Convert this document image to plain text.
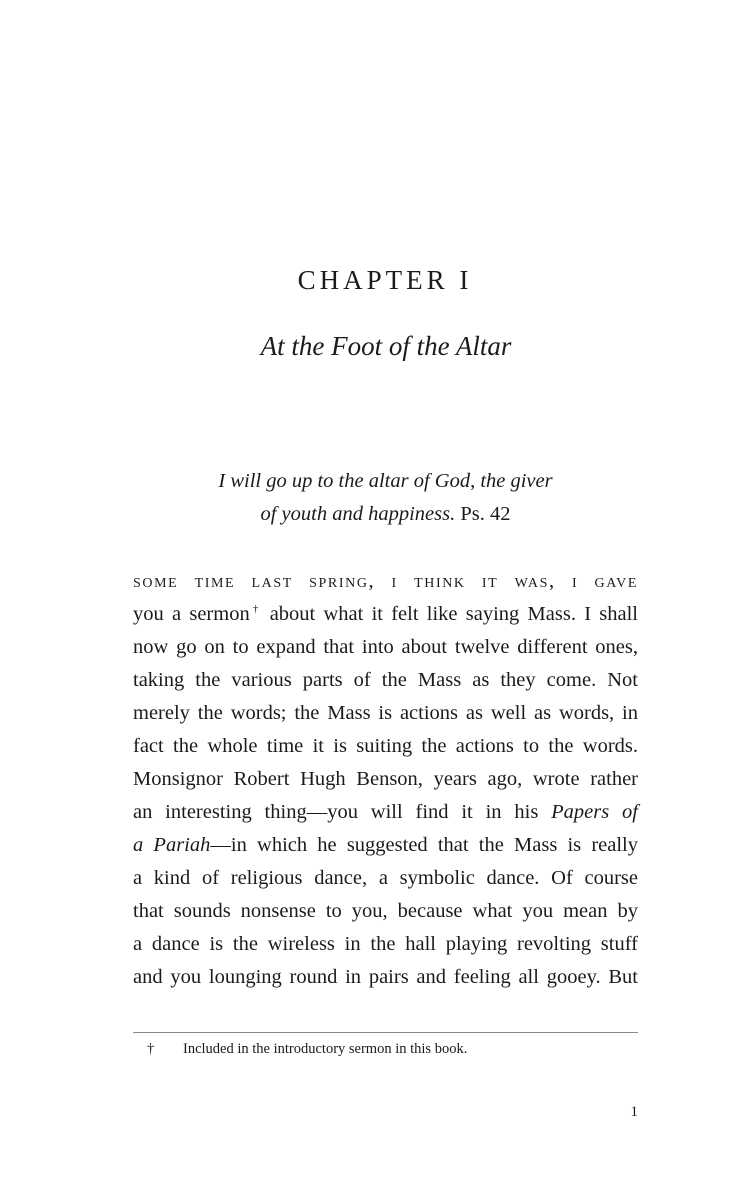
CHAPTER I
At the Foot of the Altar
I will go up to the altar of God, the giver
of youth and happiness. Ps. 42
some time last spring, i think it was, i gave
you a sermon† about what it felt like saying Mass. I shall
now go on to expand that into about twelve different ones,
taking the various parts of the Mass as they come. Not
merely the words; the Mass is actions as well as words, in
fact the whole time it is suiting the actions to the words.
Monsignor Robert Hugh Benson, years ago, wrote rather
an interesting thing—you will find it in his Papers of
a Pariah—in which he suggested that the Mass is really
a kind of religious dance, a symbolic dance. Of course
that sounds nonsense to you, because what you mean by
a dance is the wireless in the hall playing revolting stuff
and you lounging round in pairs and feeling all gooey. But
† Included in the introductory sermon in this book.
1
